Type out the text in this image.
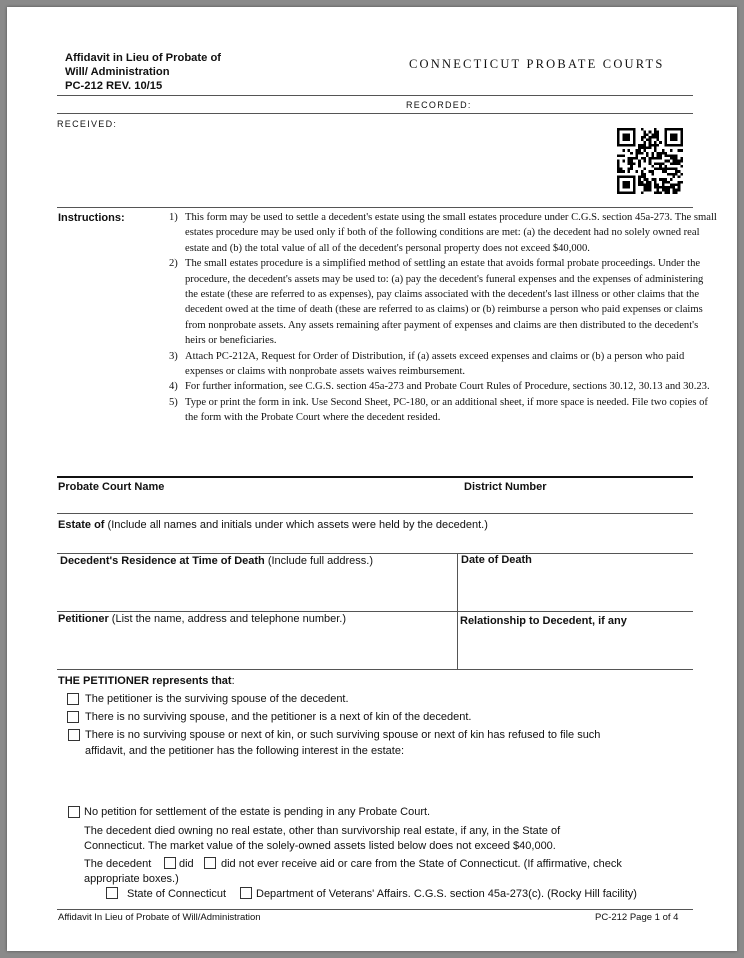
Affidavit in Lieu of Probate of
Will/ Administration
PC-212 REV. 10/15
CONNECTICUT PROBATE COURTS
RECORDED:
RECEIVED:
Instructions:	1) This form may be used to settle a decedent's estate using the small estates procedure under C.G.S. section 45a-273. The small estates procedure may be used only if both of the following conditions are met: (a) the decedent had no solely owned real estate and (b) the total value of all of the decedent's personal property does not exceed $40,000.
2) The small estates procedure is a simplified method of settling an estate that avoids formal probate proceedings. Under the procedure, the decedent's assets may be used to: (a) pay the decedent's funeral expenses and the expenses of administering the estate (these are referred to as expenses), pay claims associated with the decedent's last illness or other claims that the decedent owed at the time of death (these are referred to as claims) or (b) reimburse a person who paid expenses or claims from nonprobate assets. Any assets remaining after payment of expenses and claims are then distributed to the decedent's heirs or beneficiaries.
3) Attach PC-212A, Request for Order of Distribution, if (a) assets exceed expenses and claims or (b) a person who paid expenses or claims with nonprobate assets waives reimbursement.
4) For further information, see C.G.S. section 45a-273 and Probate Court Rules of Procedure, sections 30.12, 30.13 and 30.23.
5) Type or print the form in ink. Use Second Sheet, PC-180, or an additional sheet, if more space is needed. File two copies of the form with the Probate Court where the decedent resided.
Probate Court Name	District Number
Estate of (Include all names and initials under which assets were held by the decedent.)
Decedent's Residence at Time of Death (Include full address.)	Date of Death
Petitioner (List the name, address and telephone number.)	Relationship to Decedent, if any
THE PETITIONER represents that:
The petitioner is the surviving spouse of the decedent.
There is no surviving spouse, and the petitioner is a next of kin of the decedent.
There is no surviving spouse or next of kin, or such surviving spouse or next of kin has refused to file such
affidavit, and the petitioner has the following interest in the estate:
No petition for settlement of the estate is pending in any Probate Court.
The decedent died owning no real estate, other than survivorship real estate, if any, in the State of
Connecticut. The market value of the solely-owned assets listed below does not exceed $40,000.
The decedent	did did not ever receive aid or care from the State of Connecticut. (If affirmative, check
appropriate boxes.)
State of Connecticut	Department of Veterans' Affairs. C.G.S. section 45a-273(c). (Rocky Hill facility)
Affidavit In Lieu of Probate of Will/Administration	PC-212 Page 1 of 4
